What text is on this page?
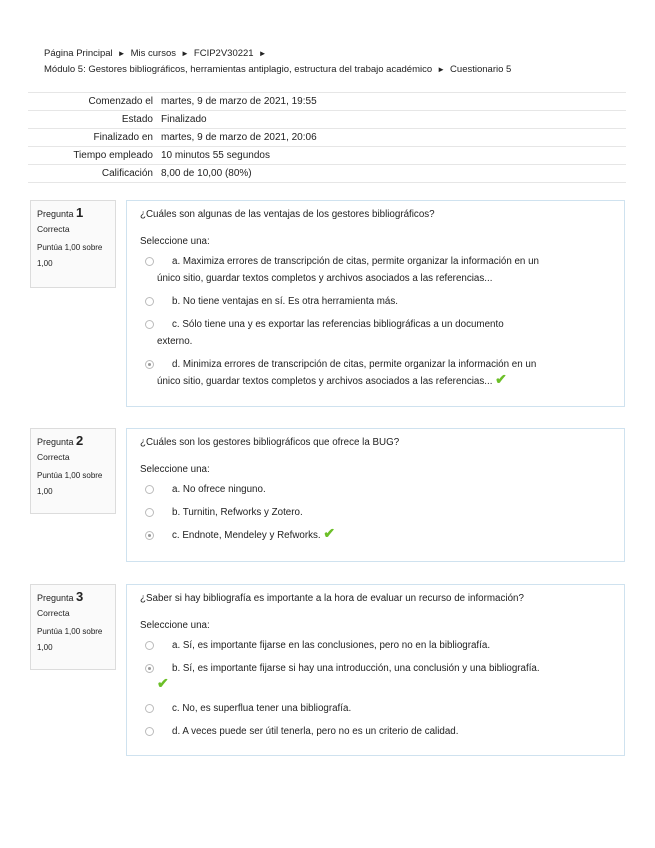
Página Principal ► Mis cursos ► FCIP2V30221 ►
Módulo 5: Gestores bibliográficos, herramientas antiplagio, estructura del trabajo académico ► Cuestionario 5
Comenzado el	martes, 9 de marzo de 2021, 19:55
Estado	Finalizado
Finalizado en	martes, 9 de marzo de 2021, 20:06
Tiempo empleado	10 minutos 55 segundos
Calificación	8,00 de 10,00 (80%)
Pregunta 1
Correcta
Puntúa 1,00 sobre 1,00
¿Cuáles son algunas de las ventajas de los gestores bibliográficos?
Seleccione una:
a. Maximiza errores de transcripción de citas, permite organizar la información en un
único sitio, guardar textos completos y archivos asociados a las referencias...
b. No tiene ventajas en sí. Es otra herramienta más.
c. Sólo tiene una y es exportar las referencias bibliográficas a un documento
externo.
d. Minimiza errores de transcripción de citas, permite organizar la información en un
único sitio, guardar textos completos y archivos asociados a las referencias... ✔
Pregunta 2
Correcta
Puntúa 1,00 sobre 1,00
¿Cuáles son los gestores bibliográficos que ofrece la BUG?
Seleccione una:
a. No ofrece ninguno.
b. Turnitin, Refworks y Zotero.
c. Endnote, Mendeley y Refworks. ✔
Pregunta 3
Correcta
Puntúa 1,00 sobre 1,00
¿Saber si hay bibliografía es importante a la hora de evaluar un recurso de información?
Seleccione una:
a. Sí, es importante fijarse en las conclusiones, pero no en la bibliografía.
b. Sí, es importante fijarse si hay una introducción, una conclusión y una bibliografía.
✔
c. No, es superflua tener una bibliografía.
d. A veces puede ser útil tenerla, pero no es un criterio de calidad.
